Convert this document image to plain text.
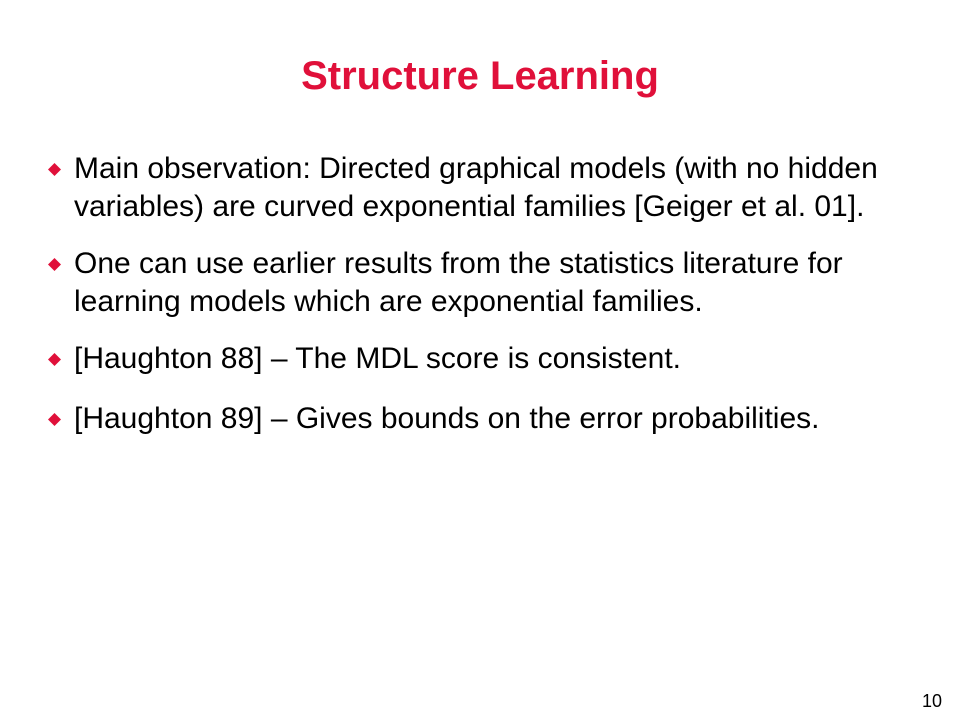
Structure Learning
Main observation: Directed graphical models (with no hidden variables) are curved exponential families [Geiger et al. 01].
One can use earlier results from the statistics literature for learning models which are exponential families.
[Haughton 88] – The MDL score is consistent.
[Haughton 89] – Gives bounds on the error probabilities.
10
